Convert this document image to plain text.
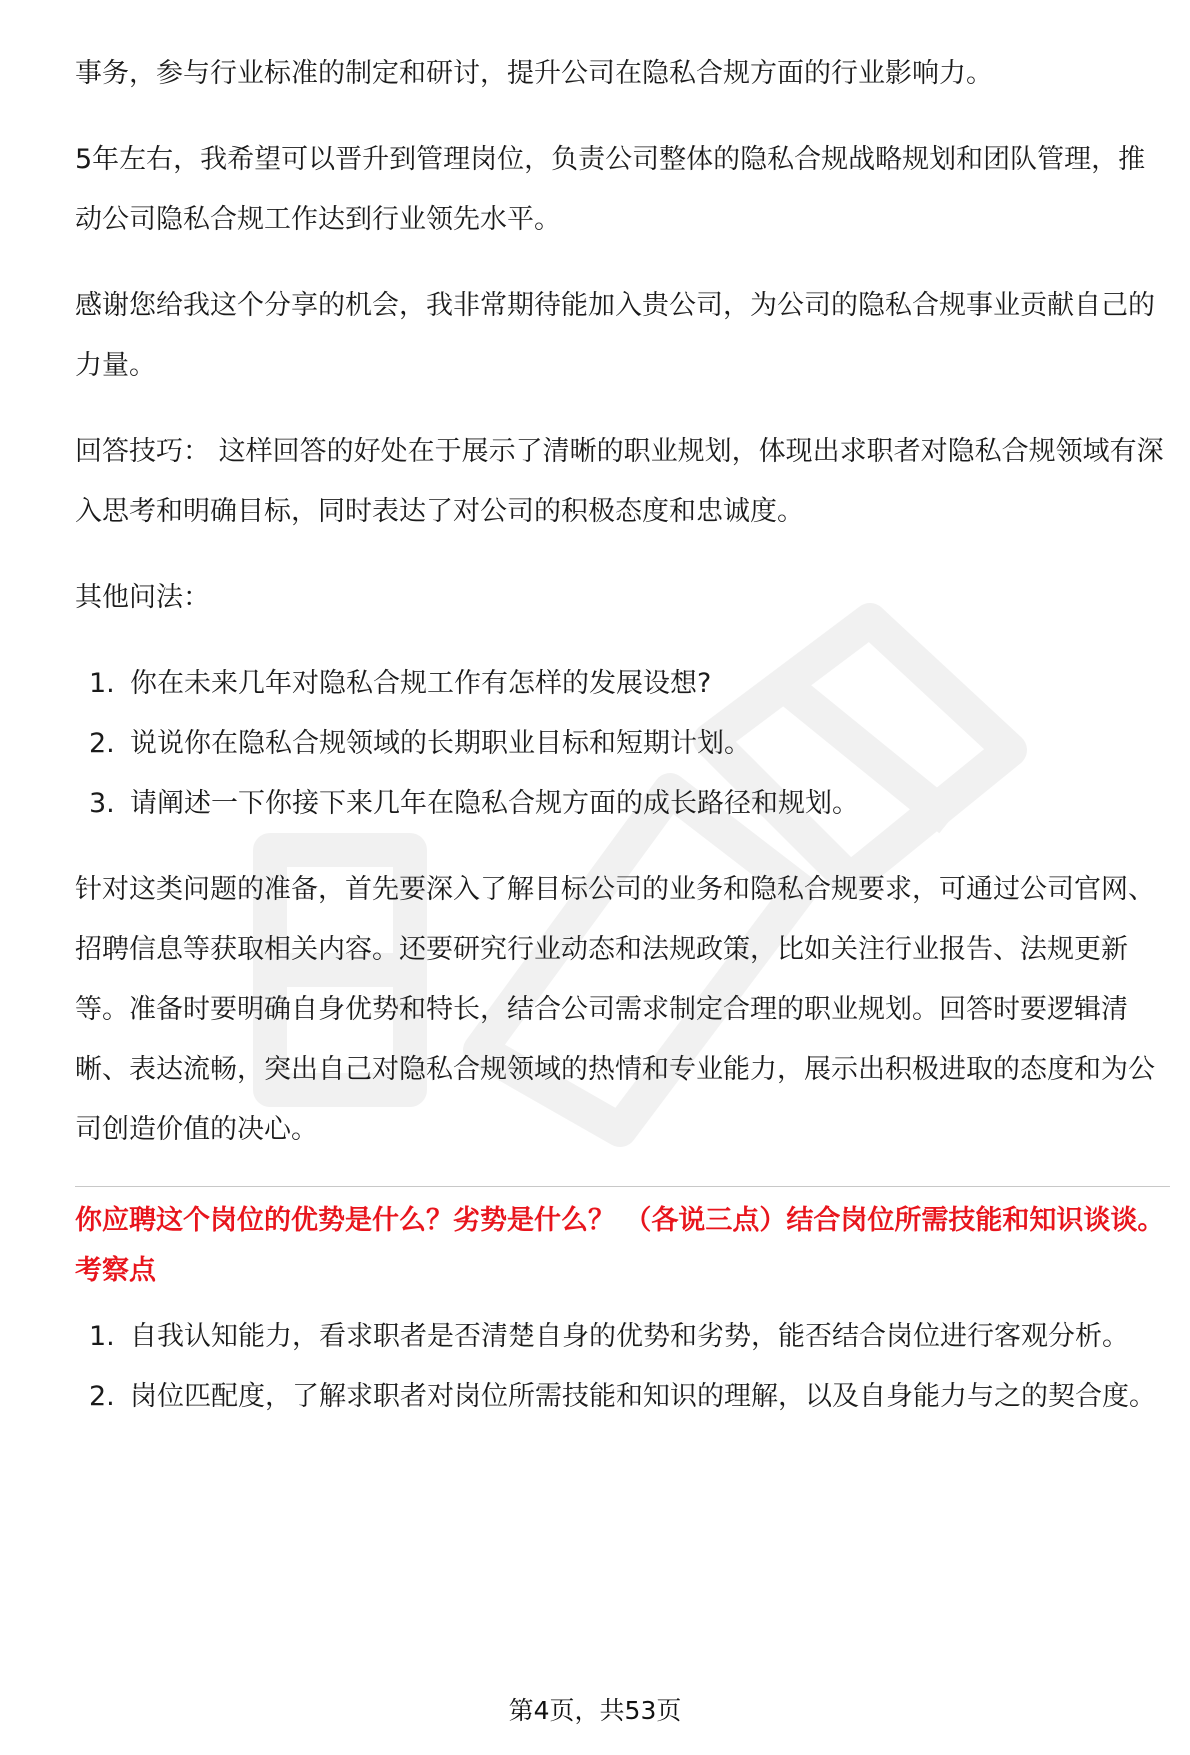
事务，参与行业标准的制定和研讨，提升公司在隐私合规方面的行业影响力。

5年左右，我希望可以晋升到管理岗位，负责公司整体的隐私合规战略规划和团队管理，推动公司隐私合规工作达到行业领先水平。

感谢您给我这个分享的机会，我非常期待能加入贵公司，为公司的隐私合规事业贡献自己的力量。

回答技巧： 这样回答的好处在于展示了清晰的职业规划，体现出求职者对隐私合规领域有深入思考和明确目标，同时表达了对公司的积极态度和忠诚度。

其他问法：

1. 你在未来几年对隐私合规工作有怎样的发展设想?
2. 说说你在隐私合规领域的长期职业目标和短期计划。
3. 请阐述一下你接下来几年在隐私合规方面的成长路径和规划。

针对这类问题的准备，首先要深入了解目标公司的业务和隐私合规要求，可通过公司官网、招聘信息等获取相关内容。还要研究行业动态和法规政策，比如关注行业报告、法规更新等。准备时要明确自身优势和特长，结合公司需求制定合理的职业规划。回答时要逻辑清晰、表达流畅，突出自己对隐私合规领域的热情和专业能力，展示出积极进取的态度和为公司创造价值的决心。

你应聘这个岗位的优势是什么？劣势是什么？ （各说三点）结合岗位所需技能和知识谈谈。
考察点
1. 自我认知能力，看求职者是否清楚自身的优势和劣势，能否结合岗位进行客观分析。
2. 岗位匹配度，了解求职者对岗位所需技能和知识的理解，以及自身能力与之的契合度。
第4页，共53页
